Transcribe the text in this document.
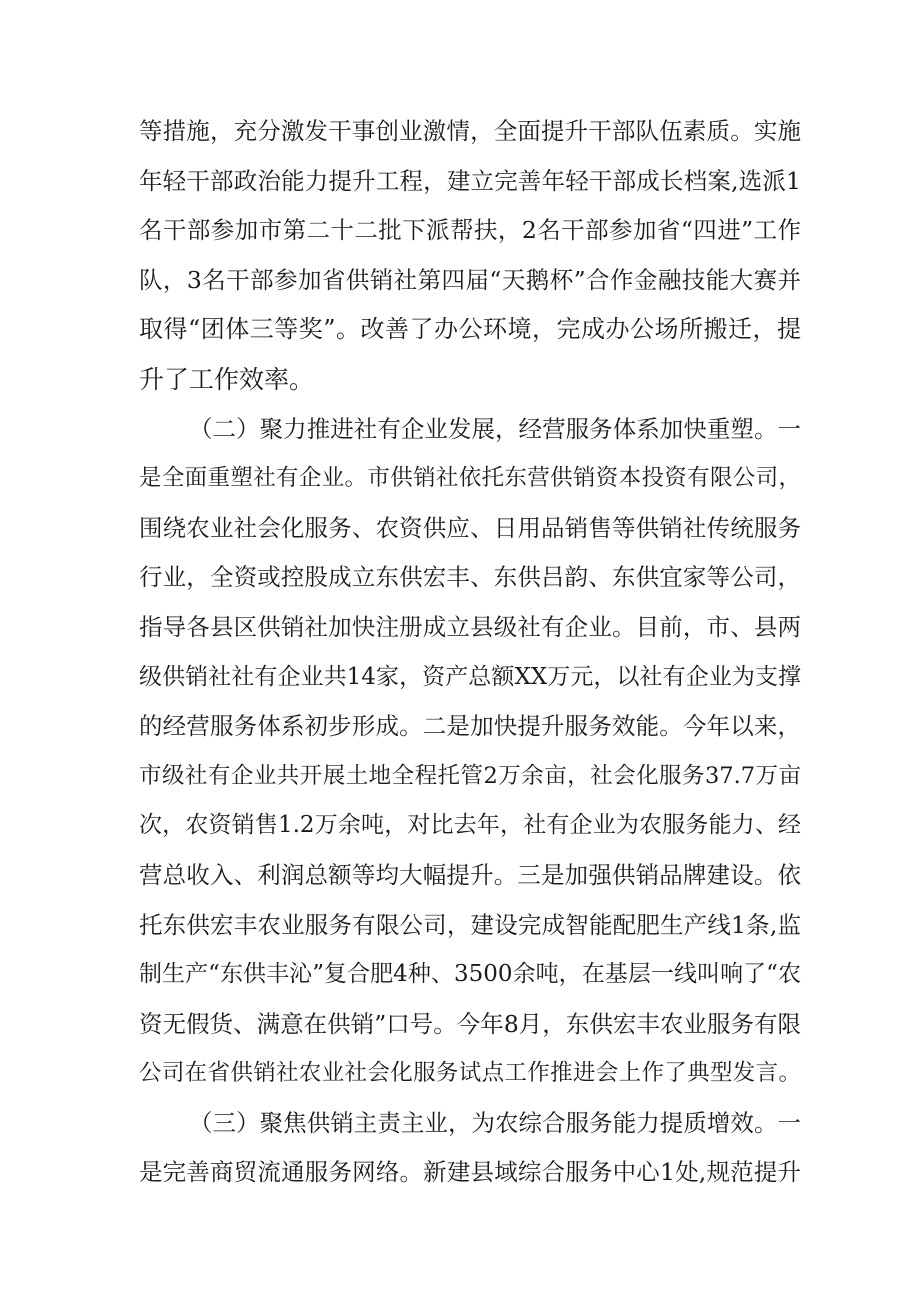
等措施，充分激发干事创业激情，全面提升干部队伍素质。实施
年轻干部政治能力提升工程，建立完善年轻干部成长档案,选派1
名干部参加市第二十二批下派帮扶，2名干部参加省“四进”工作
队，3名干部参加省供销社第四届“天鹅杯”合作金融技能大赛并
取得“团体三等奖”。改善了办公环境，完成办公场所搬迁，提
升了工作效率。
（二）聚力推进社有企业发展，经营服务体系加快重塑。一
是全面重塑社有企业。市供销社依托东营供销资本投资有限公司，
围绕农业社会化服务、农资供应、日用品销售等供销社传统服务
行业，全资或控股成立东供宏丰、东供吕韵、东供宜家等公司，
指导各县区供销社加快注册成立县级社有企业。目前，市、县两
级供销社社有企业共14家，资产总额XX万元，以社有企业为支撑
的经营服务体系初步形成。二是加快提升服务效能。今年以来，
市级社有企业共开展土地全程托管2万余亩，社会化服务37.7万亩
次，农资销售1.2万余吨，对比去年，社有企业为农服务能力、经
营总收入、利润总额等均大幅提升。三是加强供销品牌建设。依
托东供宏丰农业服务有限公司，建设完成智能配肥生产线1条,监
制生产“东供丰沁”复合肥4种、3500余吨，在基层一线叫响了“农
资无假货、满意在供销”口号。今年8月，东供宏丰农业服务有限
公司在省供销社农业社会化服务试点工作推进会上作了典型发言。
（三）聚焦供销主责主业，为农综合服务能力提质增效。一
是完善商贸流通服务网络。新建县域综合服务中心1处,规范提升
